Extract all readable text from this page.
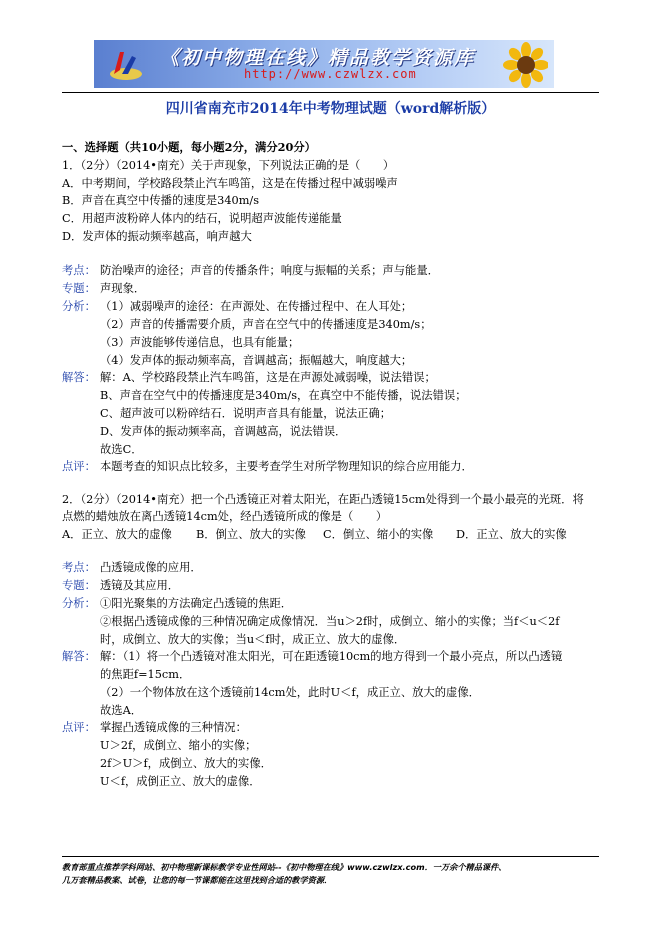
《初中物理在线》精品教学资源库
http://www.czwlzx.com
四川省南充市2014年中考物理试题（word解析版）
一、选择题（共10小题，每小题2分，满分20分）
1．（2分）（2014•南充）关于声现象，下列说法正确的是（　　）
A．中考期间，学校路段禁止汽车鸣笛，这是在传播过程中减弱噪声
B．声音在真空中传播的速度是340m/s
C．用超声波粉碎人体内的结石，说明超声波能传递能量
D．发声体的振动频率越高，响声越大
考点： 防治噪声的途径；声音的传播条件；响度与振幅的关系；声与能量．
专题： 声现象．
分析： （1）减弱噪声的途径：在声源处、在传播过程中、在人耳处；
（2）声音的传播需要介质，声音在空气中的传播速度是340m/s；
（3）声波能够传递信息，也具有能量；
（4）发声体的振动频率高，音调越高；振幅越大，响度越大；
解答： 解：A、学校路段禁止汽车鸣笛，这是在声源处减弱噪，说法错误；
B、声音在空气中的传播速度是340m/s，在真空中不能传播，说法错误；
C、超声波可以粉碎结石．说明声音具有能量，说法正确；
D、发声体的振动频率高，音调越高，说法错误．
故选C．
点评： 本题考查的知识点比较多，主要考查学生对所学物理知识的综合应用能力．
2．（2分）（2014•南充）把一个凸透镜正对着太阳光，在距凸透镜15cm处得到一个最小最亮的光斑．将
点燃的蜡烛放在离凸透镜14cm处，经凸透镜所成的像是（　　）
A．正立、放大的虚像 B．倒立、放大的实像 C．倒立、缩小的实像 D．正立、放大的实像
考点： 凸透镜成像的应用．
专题： 透镜及其应用．
分析： ①阳光聚集的方法确定凸透镜的焦距．
②根据凸透镜成像的三种情况确定成像情况．当u＞2f时，成倒立、缩小的实像；当f＜u＜2f
时，成倒立、放大的实像；当u＜f时，成正立、放大的虚像．
解答： 解：（1）将一个凸透镜对准太阳光，可在距透镜10cm的地方得到一个最小亮点，所以凸透镜
的焦距f=15cm．
（2）一个物体放在这个透镜前14cm处，此时U＜f，成正立、放大的虚像．
故选A．
点评： 掌握凸透镜成像的三种情况：
U＞2f，成倒立、缩小的实像；
2f＞U＞f，成倒立、放大的实像．
U＜f，成倒正立、放大的虚像．
教育部重点推荐学科网站、初中物理新课标教学专业性网站--《初中物理在线》www.czwlzx.com．一万余个精品课件、
几万套精品教案、试卷，让您的每一节课都能在这里找到合适的教学资源．
